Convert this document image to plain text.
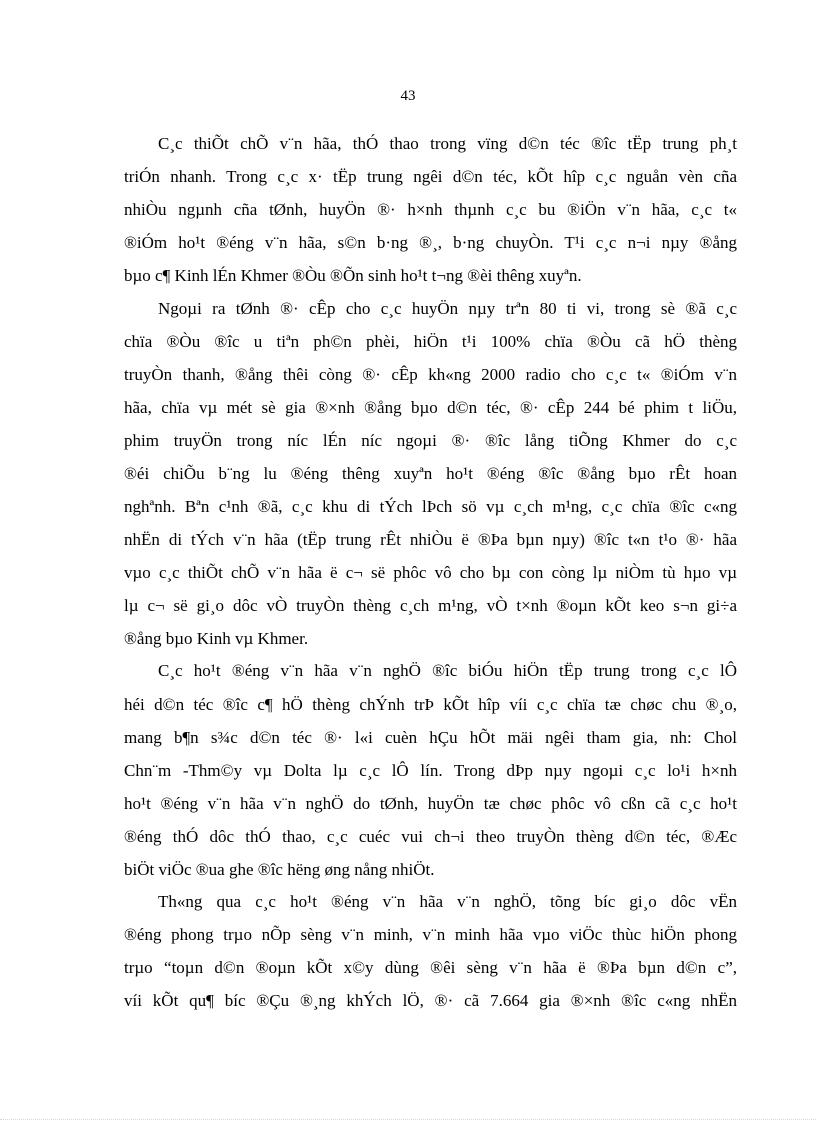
43
C¸c thiÕt chÕ v¨n hãa, thÓ thao trong vïng d©n téc ®îc tËp trung ph¸t
triÓn nhanh. Trong c¸c x· tËp trung ngêi d©n téc, kÕt hîp c¸c nguån vèn cña
nhiÒu ngµnh cña tØnh, huyÖn ®· h×nh thµnh c¸c bu ®iÖn v¨n hãa, c¸c t«
®iÓm ho¹t ®éng v¨n hãa, s©n b·ng ®¸, b·ng chuyÒn. T¹i c¸c n¬i nµy ®ång
bµo c¶ Kinh lÉn Khmer ®Òu ®Õn sinh ho¹t t¬ng ®èi thêng xuyªn.
Ngoµi ra tØnh ®· cÊp cho c¸c huyÖn nµy trªn 80 ti vi, trong sè ®ã c¸c
chïa ®Òu ®îc u tiªn ph©n phèi, hiÖn t¹i 100% chïa ®Òu cã hÖ thèng
truyÒn thanh, ®ång thêi còng ®· cÊp kh«ng 2000 radio cho c¸c t« ®iÓm v¨n
hãa, chïa vµ mét sè gia ®×nh ®ång bµo d©n téc, ®· cÊp 244 bé phim t liÖu,
phim truyÖn trong níc lÉn níc ngoµi ®· ®îc lång tiÕng Khmer do c¸c
®éi chiÕu b¨ng lu ®éng thêng xuyªn ho¹t ®éng ®îc ®ång bµo rÊt hoan
nghªnh. Bªn c¹nh ®ã, c¸c khu di tÝch lÞch sö vµ c¸ch m¹ng, c¸c chïa ®îc c«ng
nhËn di tÝch v¨n hãa (tËp trung rÊt nhiÒu ë ®Þa bµn nµy) ®îc t«n t¹o ®· hãa
vµo c¸c thiÕt chÕ v¨n hãa ë c¬ së phôc vô cho bµ con còng lµ niÒm tù hµo vµ
lµ c¬ së gi¸o dôc vÒ truyÒn thèng c¸ch m¹ng, vÒ t×nh ®oµn kÕt keo s¬n gi÷a
®ång bµo Kinh vµ Khmer.
C¸c ho¹t ®éng v¨n hãa v¨n nghÖ ®îc biÓu hiÖn tËp trung trong c¸c lÔ
héi d©n téc ®îc c¶ hÖ thèng chÝnh trÞ kÕt hîp víi c¸c chïa tæ chøc chu ®¸o,
mang b¶n s¾c d©n téc ®· l«i cuèn hÇu hÕt mäi ngêi tham gia, nh: Chol
Chn¨m -Thm©y vµ Dolta lµ c¸c lÔ lín. Trong dÞp nµy ngoµi c¸c lo¹i h×nh
ho¹t ®éng v¨n hãa v¨n nghÖ do tØnh, huyÖn tæ chøc phôc vô cßn cã c¸c ho¹t
®éng thÓ dôc thÓ thao, c¸c cuéc vui ch¬i theo truyÒn thèng d©n téc, ®Æc
biÖt viÖc ®ua ghe ®îc hëng øng nång nhiÖt.
Th«ng qua c¸c ho¹t ®éng v¨n hãa v¨n nghÖ, tõng bíc gi¸o dôc vËn
®éng phong trµo nÕp sèng v¨n minh, v¨n minh hãa vµo viÖc thùc hiÖn phong
trµo “toµn d©n ®oµn kÕt x©y dùng ®êi sèng v¨n hãa ë ®Þa bµn d©n c”,
víi kÕt qu¶ bíc ®Çu ®¸ng khÝch lÖ, ®· cã 7.664 gia ®×nh ®îc c«ng nhËn
